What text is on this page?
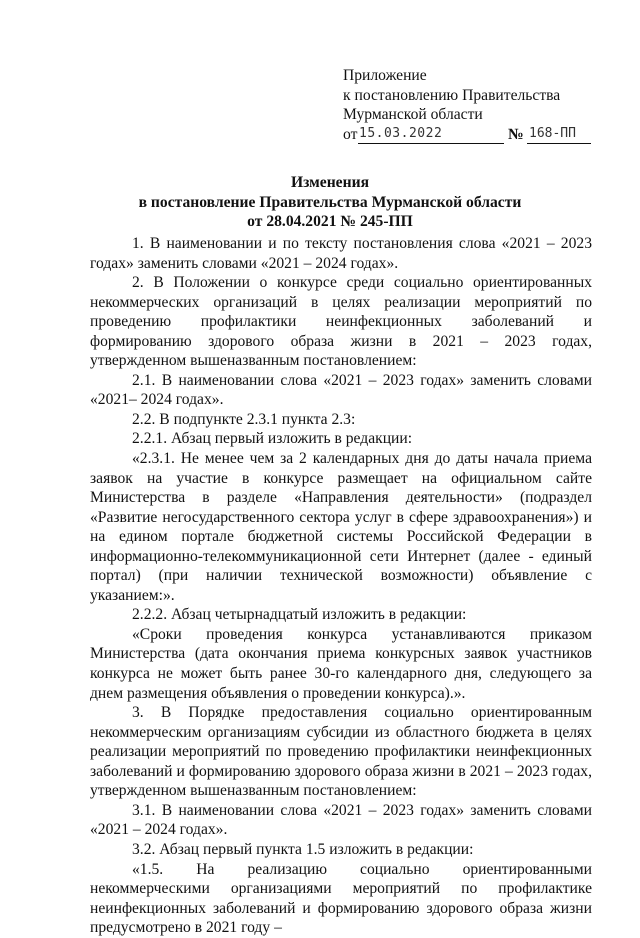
Приложение
к постановлению Правительства
Мурманской области
от 15.03.2022	№ 168-ПП
Изменения
в постановление Правительства Мурманской области
от 28.04.2021 № 245-ПП

1. В наименовании и по тексту постановления слова «2021 – 2023 годах» заменить словами «2021 – 2024 годах».

2. В Положении о конкурсе среди социально ориентированных некоммерческих организаций в целях реализации мероприятий по проведению профилактики неинфекционных заболеваний и формированию здорового образа жизни в 2021 – 2023 годах, утвержденном вышеназванным постановлением:

2.1. В наименовании слова «2021 – 2023 годах» заменить словами «2021– 2024 годах».

2.2. В подпункте 2.3.1 пункта 2.3:

2.2.1. Абзац первый изложить в редакции:

«2.3.1. Не менее чем за 2 календарных дня до даты начала приема заявок на участие в конкурсе размещает на официальном сайте Министерства в разделе «Направления деятельности» (подраздел «Развитие негосударственного сектора услуг в сфере здравоохранения») и на едином портале бюджетной системы Российской Федерации в информационно-телекоммуникационной сети Интернет (далее - единый портал) (при наличии технической возможности) объявление с указанием:».

2.2.2. Абзац четырнадцатый изложить в редакции:

«Сроки проведения конкурса устанавливаются приказом Министерства (дата окончания приема конкурсных заявок участников конкурса не может быть ранее 30-го календарного дня, следующего за днем размещения объявления о проведении конкурса).».

3. В Порядке предоставления социально ориентированным некоммерческим организациям субсидии из областного бюджета в целях реализации мероприятий по проведению профилактики неинфекционных заболеваний и формированию здорового образа жизни в 2021 – 2023 годах, утвержденном вышеназванным постановлением:

3.1. В наименовании слова «2021 – 2023 годах» заменить словами «2021 – 2024 годах».

3.2. Абзац первый пункта 1.5 изложить в редакции:

«1.5. На реализацию социально ориентированными некоммерческими организациями мероприятий по профилактике неинфекционных заболеваний и формированию здорового образа жизни предусмотрено в 2021 году –
